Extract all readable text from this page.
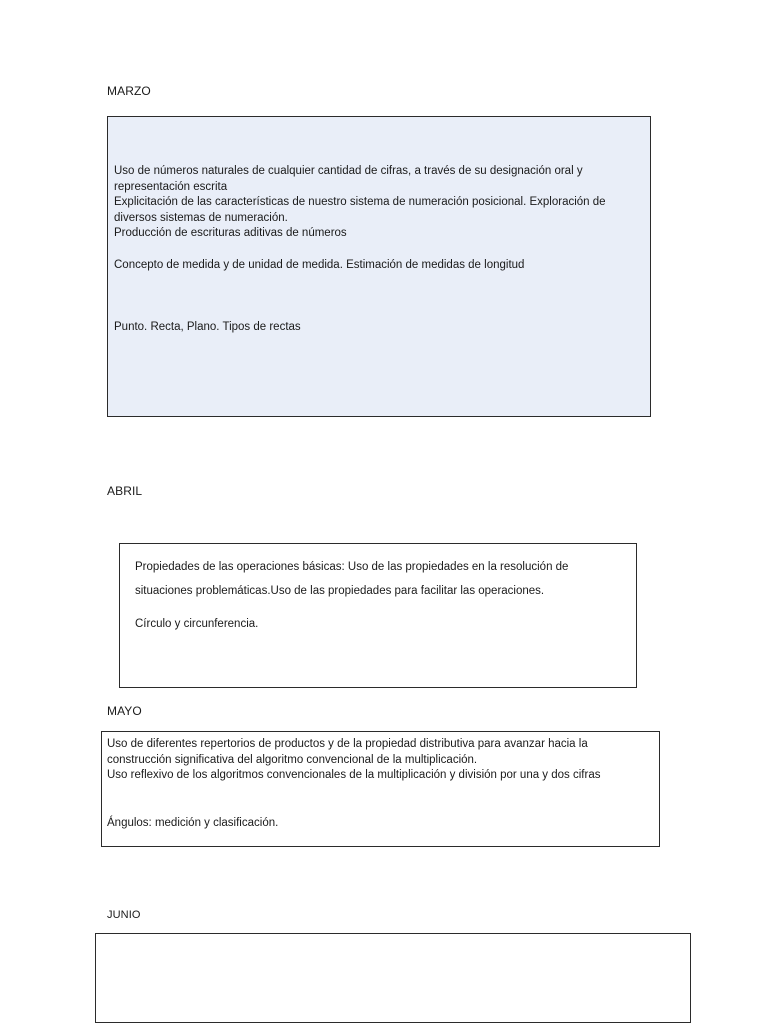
MARZO

Uso de números naturales de cualquier cantidad de cifras, a través de su designación oral y representación escrita

Explicitación de las características de nuestro sistema de numeración posicional. Exploración de diversos sistemas de numeración.

Producción de escrituras aditivas de números

Concepto de medida y de unidad de medida. Estimación de medidas de longitud

Punto. Recta, Plano. Tipos de rectas

ABRIL

Propiedades de las operaciones básicas: Uso de las propiedades en la resolución de situaciones problemáticas.Uso de las propiedades para facilitar las operaciones.

Círculo y circunferencia.

MAYO

Uso de diferentes repertorios de productos y de la propiedad distributiva para avanzar hacia la construcción significativa del algoritmo convencional de la multiplicación.

Uso reflexivo de los algoritmos convencionales de la multiplicación y división por una y dos cifras

Ángulos: medición y clasificación.

JUNIO
